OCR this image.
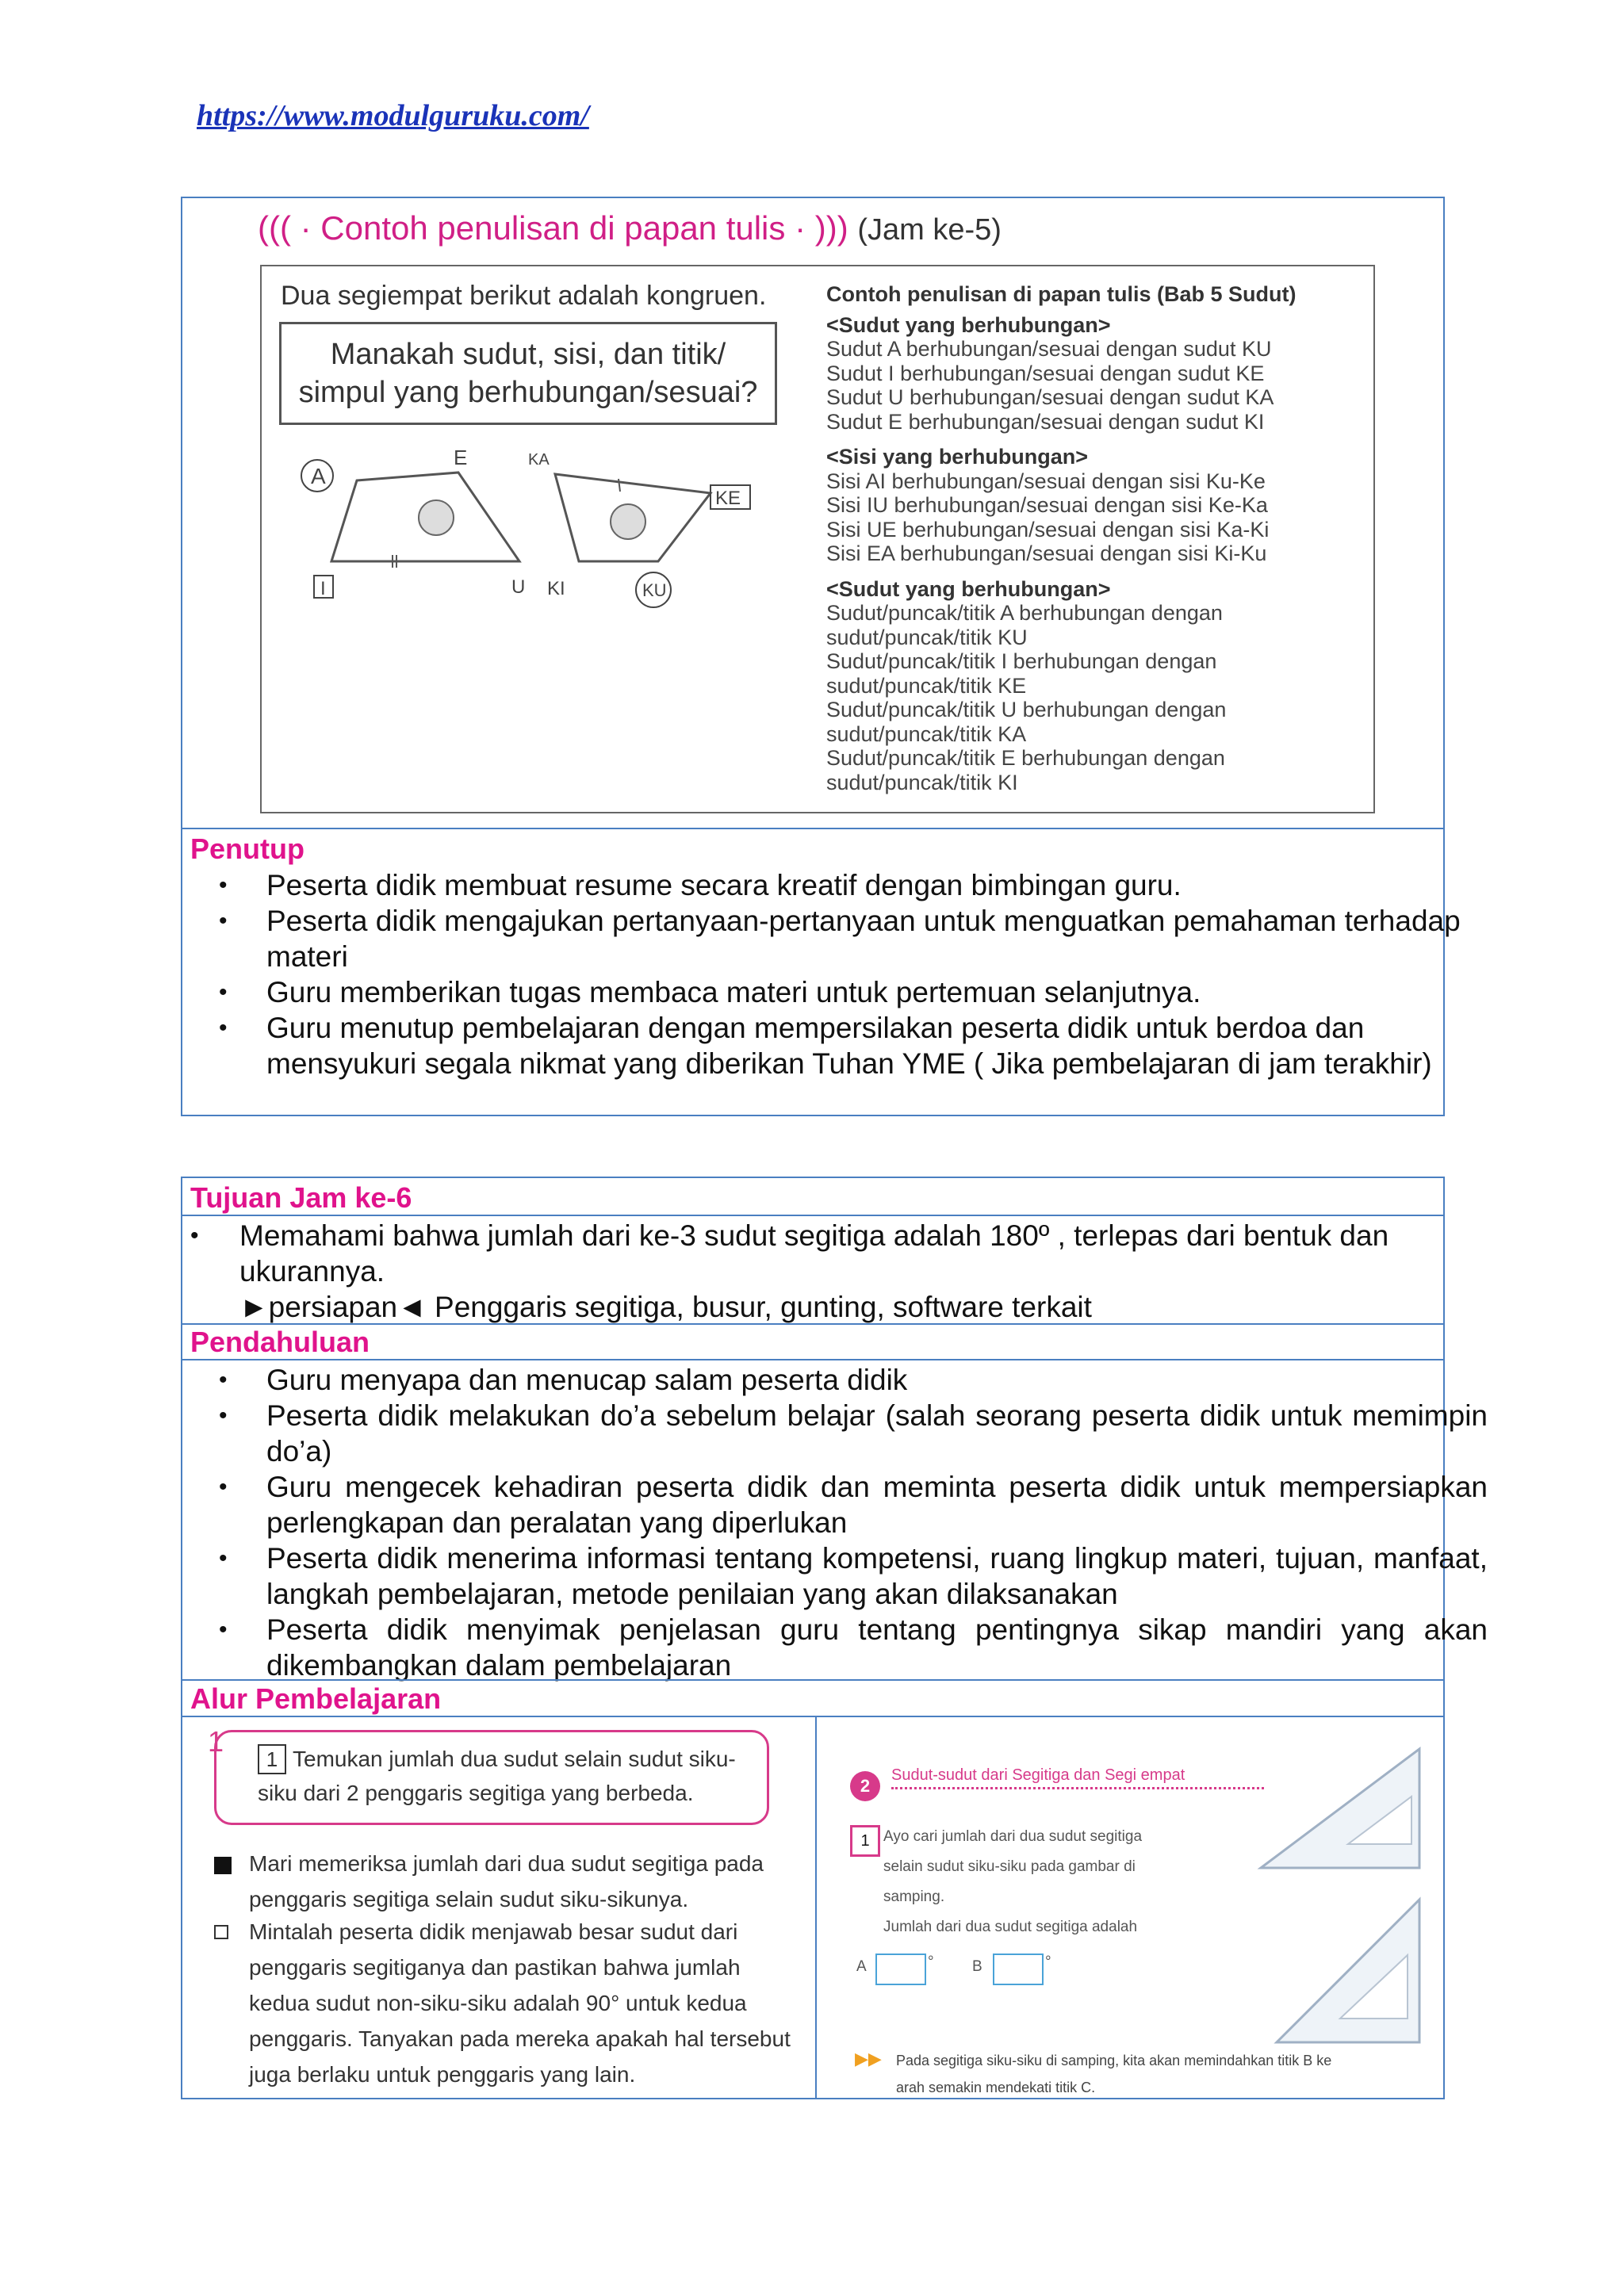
https://www.modulguruku.com/
((( · Contoh penulisan di papan tulis · ))) (Jam ke-5)
Dua segiempat berikut adalah kongruen.
Manakah sudut, sisi, dan titik/
simpul yang berhubungan/sesuai?
A
E
I	U
KA
KE
KI	KU
Contoh penulisan di papan tulis (Bab 5 Sudut)
<Sudut yang berhubungan>
Sudut A berhubungan/sesuai dengan sudut KU
Sudut I berhubungan/sesuai dengan sudut KE
Sudut U berhubungan/sesuai dengan sudut KA
Sudut E berhubungan/sesuai dengan sudut KI
<Sisi yang berhubungan>
Sisi AI berhubungan/sesuai dengan sisi Ku-Ke
Sisi IU berhubungan/sesuai dengan sisi Ke-Ka
Sisi UE berhubungan/sesuai dengan sisi Ka-Ki
Sisi EA berhubungan/sesuai dengan sisi Ki-Ku
<Sudut yang berhubungan>
Sudut/puncak/titik A berhubungan dengan
sudut/puncak/titik KU
Sudut/puncak/titik I berhubungan dengan
sudut/puncak/titik KE
Sudut/puncak/titik U berhubungan dengan
sudut/puncak/titik KA
Sudut/puncak/titik E berhubungan dengan
sudut/puncak/titik KI
Penutup
• Peserta didik membuat resume secara kreatif dengan bimbingan guru.
• Peserta didik mengajukan pertanyaan-pertanyaan untuk menguatkan pemahaman terhadap materi
• Guru memberikan tugas membaca materi untuk pertemuan selanjutnya.
• Guru menutup pembelajaran dengan mempersilakan peserta didik untuk berdoa dan mensyukuri segala nikmat yang diberikan Tuhan YME ( Jika pembelajaran di jam terakhir)
Tujuan Jam ke-6
• Memahami bahwa jumlah dari ke-3 sudut segitiga adalah 180º , terlepas dari bentuk dan ukurannya.
►persiapan◄ Penggaris segitiga, busur, gunting, software terkait
Pendahuluan
• Guru menyapa dan menucap salam peserta didik
• Peserta didik melakukan do’a sebelum belajar (salah seorang peserta didik untuk memimpin do’a)
• Guru mengecek kehadiran peserta didik dan meminta peserta didik untuk mempersiapkan perlengkapan dan peralatan yang diperlukan
• Peserta didik menerima informasi tentang kompetensi, ruang lingkup materi, tujuan, manfaat, langkah pembelajaran, metode penilaian yang akan dilaksanakan
• Peserta didik menyimak penjelasan guru tentang pentingnya sikap mandiri yang akan dikembangkan dalam pembelajaran
Alur Pembelajaran
1
1 Temukan jumlah dua sudut selain sudut siku-siku dari 2 penggaris segitiga yang berbeda.
Mari memeriksa jumlah dari dua sudut segitiga pada penggaris segitiga selain sudut siku-sikunya.
Mintalah peserta didik menjawab besar sudut dari penggaris segitiganya dan pastikan bahwa jumlah kedua sudut non-siku-siku adalah 90° untuk kedua penggaris. Tanyakan pada mereka apakah hal tersebut juga berlaku untuk penggaris yang lain.
2
Sudut-sudut dari Segitiga dan Segi empat
1 Ayo cari jumlah dari dua sudut segitiga
selain sudut siku-siku pada gambar di
samping.
Jumlah dari dua sudut segitiga adalah
A	°	B	°
▶▶ Pada segitiga siku-siku di samping, kita akan memindahkan titik B ke
arah semakin mendekati titik C.
